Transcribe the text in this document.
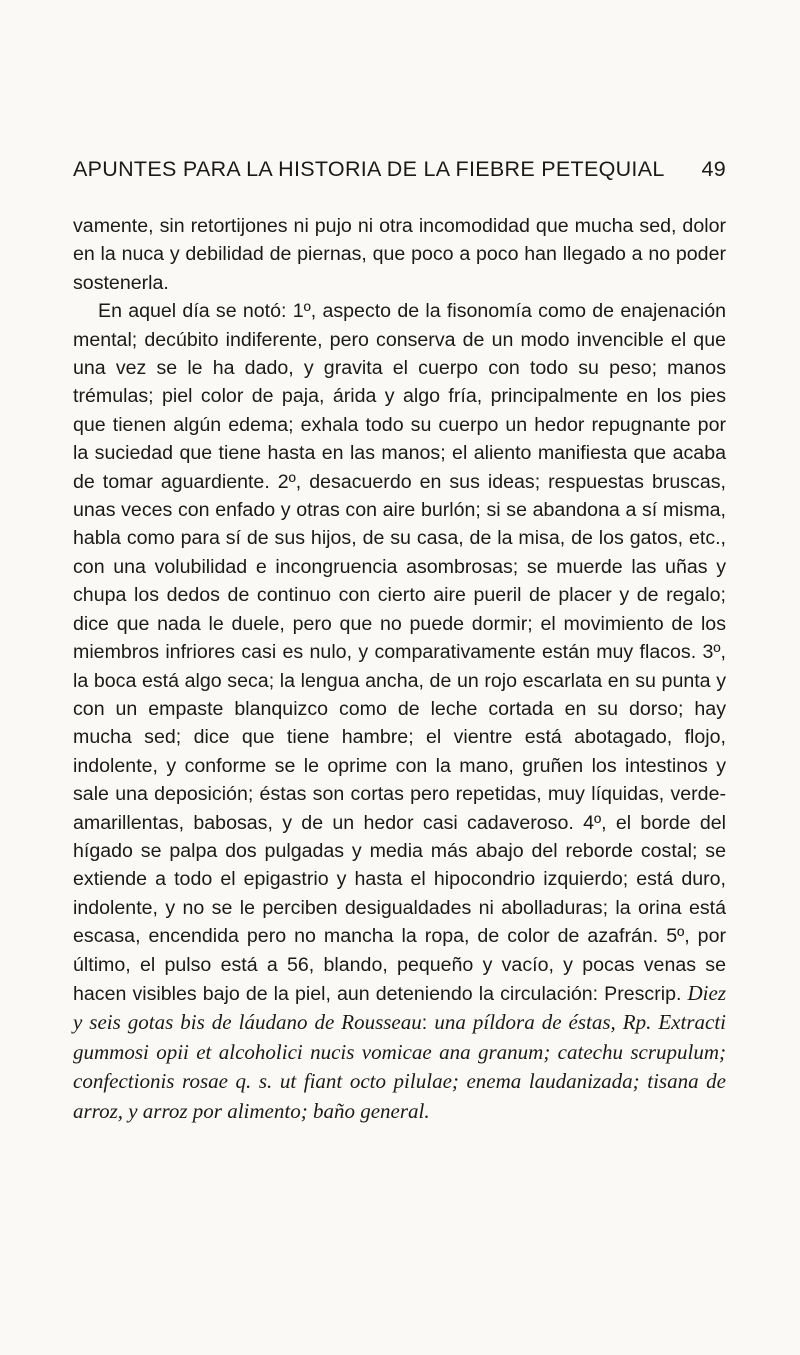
APUNTES PARA LA HISTORIA DE LA FIEBRE PETEQUIAL 49

vamente, sin retortijones ni pujo ni otra incomodidad que mucha sed, dolor en la nuca y debilidad de piernas, que poco a poco han llegado a no poder sostenerla.

En aquel día se notó: 1º, aspecto de la fisonomía como de enajenación mental; decúbito indiferente, pero conserva de un modo invencible el que una vez se le ha dado, y gravita el cuerpo con todo su peso; manos trémulas; piel color de paja, árida y algo fría, principalmente en los pies que tienen algún edema; exhala todo su cuerpo un hedor repugnante por la suciedad que tiene hasta en las manos; el aliento manifiesta que acaba de tomar aguardiente. 2º, desacuerdo en sus ideas; respuestas bruscas, unas veces con enfado y otras con aire burlón; si se abandona a sí misma, habla como para sí de sus hijos, de su casa, de la misa, de los gatos, etc., con una volubilidad e incongruencia asombrosas; se muerde las uñas y chupa los dedos de continuo con cierto aire pueril de placer y de regalo; dice que nada le duele, pero que no puede dormir; el movimiento de los miembros infriores casi es nulo, y comparativamente están muy flacos. 3º, la boca está algo seca; la lengua ancha, de un rojo escarlata en su punta y con un empaste blanquizco como de leche cortada en su dorso; hay mucha sed; dice que tiene hambre; el vientre está abotagado, flojo, indolente, y conforme se le oprime con la mano, gruñen los intestinos y sale una deposición; éstas son cortas pero repetidas, muy líquidas, verde-amarillentas, babosas, y de un hedor casi cadaveroso. 4º, el borde del hígado se palpa dos pulgadas y media más abajo del reborde costal; se extiende a todo el epigastrio y hasta el hipocondrio izquierdo; está duro, indolente, y no se le perciben desigualdades ni abolladuras; la orina está escasa, encendida pero no mancha la ropa, de color de azafrán. 5º, por último, el pulso está a 56, blando, pequeño y vacío, y pocas venas se hacen visibles bajo de la piel, aun deteniendo la circulación: Prescrip. Diez y seis gotas bis de láudano de Rousseau: una píldora de éstas, Rp. Extracti gummosi opii et alcoholici nucis vomicae ana granum; catechu scrupulum; confectionis rosae q. s. ut fiant octo pilulae; enema laudanizada; tisana de arroz, y arroz por alimento; baño general.
